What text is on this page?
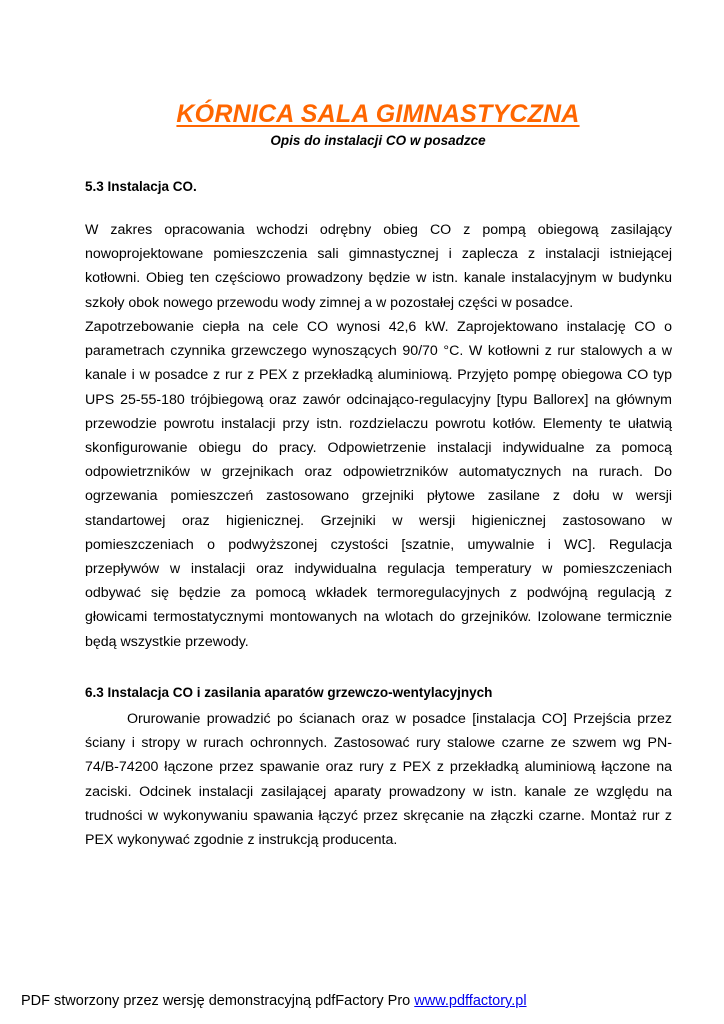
KÓRNICA SALA GIMNASTYCZNA
Opis do instalacji CO w posadzce
5.3 Instalacja CO.
W zakres opracowania wchodzi odrębny obieg CO z pompą obiegową zasilający nowoprojektowane pomieszczenia sali gimnastycznej i zaplecza z instalacji istniejącej kotłowni. Obieg ten częściowo prowadzony będzie w istn. kanale instalacyjnym w budynku szkoły obok nowego przewodu wody zimnej a w pozostałej części w posadce.
Zapotrzebowanie ciepła na cele CO wynosi 42,6 kW. Zaprojektowano instalację CO o parametrach czynnika grzewczego wynoszących 90/70 °C. W kotłowni z rur stalowych a w kanale i w posadce z rur z PEX z przekładką aluminiową. Przyjęto pompę obiegowa CO typ UPS 25-55-180 trójbiegową oraz zawór odcinająco-regulacyjny [typu Ballorex] na głównym przewodzie powrotu instalacji przy istn. rozdzielaczu powrotu kotłów. Elementy te ułatwią skonfigurowanie obiegu do pracy. Odpowietrzenie instalacji indywidualne za pomocą odpowietrzników w grzejnikach oraz odpowietrzników automatycznych na rurach. Do ogrzewania pomieszczeń zastosowano grzejniki płytowe zasilane z dołu w wersji standartowej oraz higienicznej. Grzejniki w wersji higienicznej zastosowano w pomieszczeniach o podwyższonej czystości [szatnie, umywalnie i WC]. Regulacja przepływów w instalacji oraz indywidualna regulacja temperatury w pomieszczeniach odbywać się będzie za pomocą wkładek termoregulacyjnych z podwójną regulacją z głowicami termostatycznymi montowanych na wlotach do grzejników. Izolowane termicznie będą wszystkie przewody.
6.3 Instalacja CO i zasilania aparatów grzewczo-wentylacyjnych
Orurowanie prowadzić po ścianach oraz w posadce [instalacja CO] Przejścia przez ściany i stropy w rurach ochronnych. Zastosować rury stalowe czarne ze szwem wg PN-74/B-74200 łączone przez spawanie oraz rury z PEX z przekładką aluminiową łączone na zaciski. Odcinek instalacji zasilającej aparaty prowadzony w istn. kanale ze względu na trudności w wykonywaniu spawania łączyć przez skręcanie na złączki czarne. Montaż rur z PEX wykonywać zgodnie z instrukcją producenta.
PDF stworzony przez wersję demonstracyjną pdfFactory Pro www.pdffactory.pl
